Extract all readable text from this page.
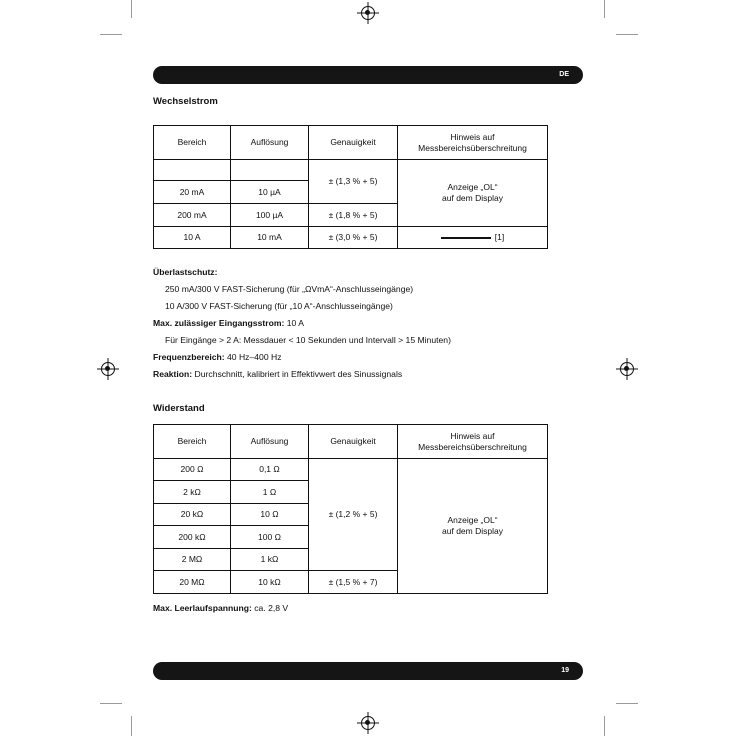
DE
Wechselstrom
Bereich	Auflösung	Genauigkeit	Hinweis auf Messbereichsüberschreitung
		± (1,3 % + 5)	Anzeige „OL“
auf dem Display

20 mA	10 µA		
200 mA	100 µA	± (1,8 % + 5)	
10 A	10 mA	± (3,0 % + 5)	[1]
Überlastschutz:
250 mA/300 V FAST-Sicherung (für „ΩVmA“-Anschlusseingänge)
10 A/300 V FAST-Sicherung (für „10 A“-Anschlusseingänge)
Max. zulässiger Eingangsstrom: 10 A
Für Eingänge > 2 A: Messdauer < 10 Sekunden und Intervall > 15 Minuten)
Frequenzbereich: 40 Hz–400 Hz
Reaktion: Durchschnitt, kalibriert in Effektivwert des Sinussignals
Widerstand
Bereich	Auflösung	Genauigkeit	Hinweis auf Messbereichsüberschreitung
200 Ω	0,1 Ω	± (1,2 % + 5)	Anzeige „OL“
auf dem Display

2 kΩ	1 Ω		
20 kΩ	10 Ω		
200 kΩ	100 Ω		
2 MΩ	1 kΩ		
20 MΩ	10 kΩ	± (1,5 % + 7)	
Max. Leerlaufspannung: ca. 2,8 V
19
